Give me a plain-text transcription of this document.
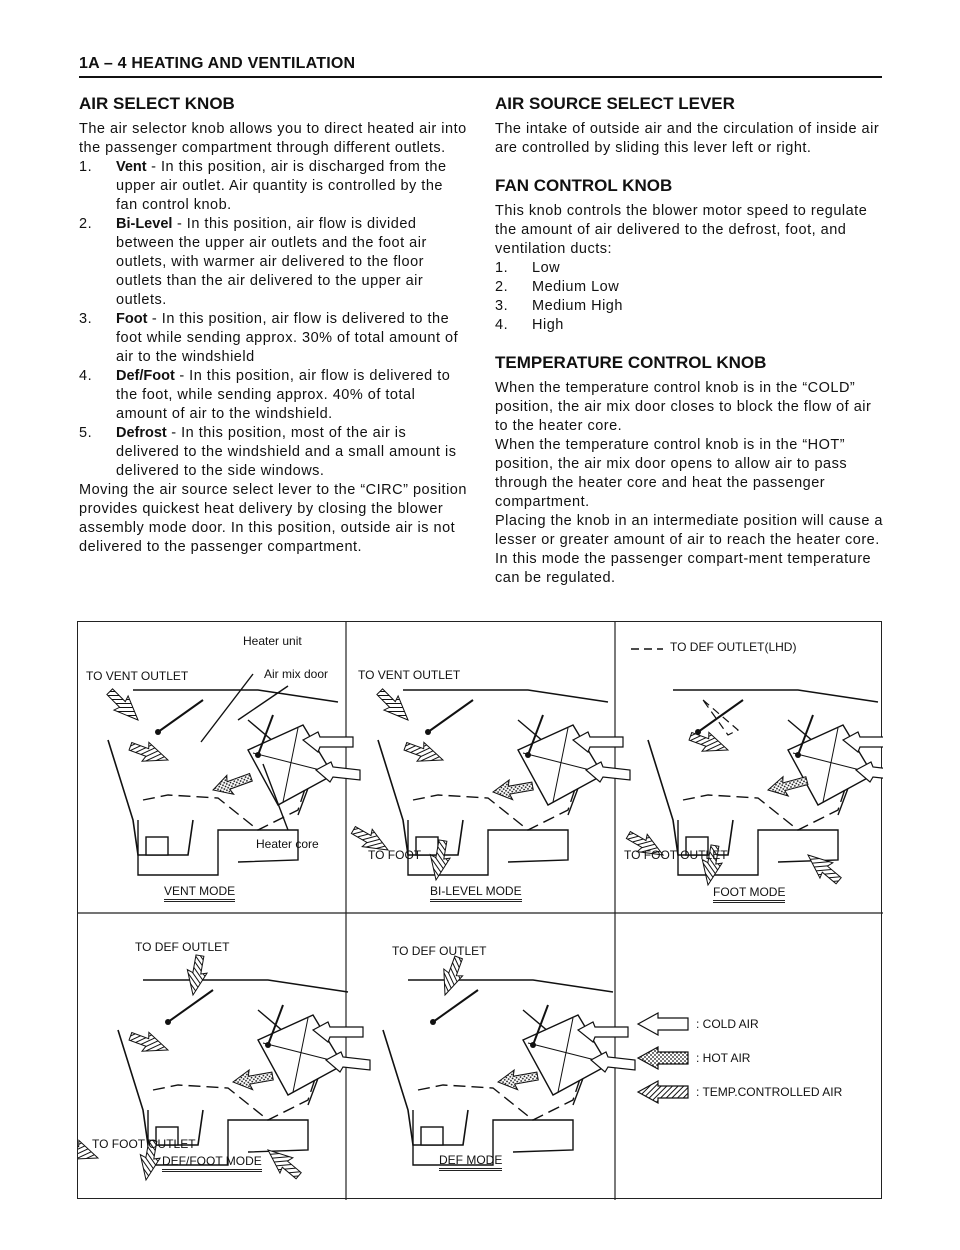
1A – 4 HEATING AND VENTILATION
AIR SELECT KNOB

The air selector knob allows you to direct heated air into the passenger compartment through different outlets.

1. Vent - In this position, air is discharged from the upper air outlet. Air quantity is controlled by the fan control knob.
2. Bi-Level - In this position, air flow is divided between the upper air outlets and the foot air outlets, with warmer air delivered to the floor outlets than the air delivered to the upper air outlets.
3. Foot - In this position, air flow is delivered to the foot while sending approx. 30% of total amount of air to the windshield
4. Def/Foot - In this position, air flow is delivered to the foot, while sending approx. 40% of total amount of air to the windshield.
5. Defrost - In this position, most of the air is delivered to the windshield and a small amount is delivered to the side windows.

Moving the air source select lever to the “CIRC” position provides quickest heat delivery by closing the blower assembly mode door. In this position, outside air is not delivered to the passenger compartment.

AIR SOURCE SELECT LEVER

The intake of outside air and the circulation of inside air are controlled by sliding this lever left or right.

FAN CONTROL KNOB

This knob controls the blower motor speed to regulate the amount of air delivered to the defrost, foot, and ventilation ducts:

1. Low
2. Medium Low
3. Medium High
4. High
TEMPERATURE CONTROL KNOB

When the temperature control knob is in the “COLD” position, the air mix door closes to block the flow of air to the heater core.

When the temperature control knob is in the “HOT” position, the air mix door opens to allow air to pass through the heater core and heat the passenger compartment.

Placing the knob in an intermediate position will cause a lesser or greater amount of air to reach the heater core. In this mode the passenger compart-ment temperature can be regulated.

Heater unit
TO VENT OUTLET	Air mix door
Heater core
VENT MODE
TO VENT OUTLET
TO FOOT
BI-LEVEL MODE
TO DEF OUTLET(LHD)
TO FOOT OUTLET
FOOT MODE
TO DEF OUTLET
TO FOOT OUTLET
DEF/FOOT MODE
TO DEF OUTLET
DEF MODE
: COLD AIR
: HOT AIR
: TEMP.CONTROLLED AIR
